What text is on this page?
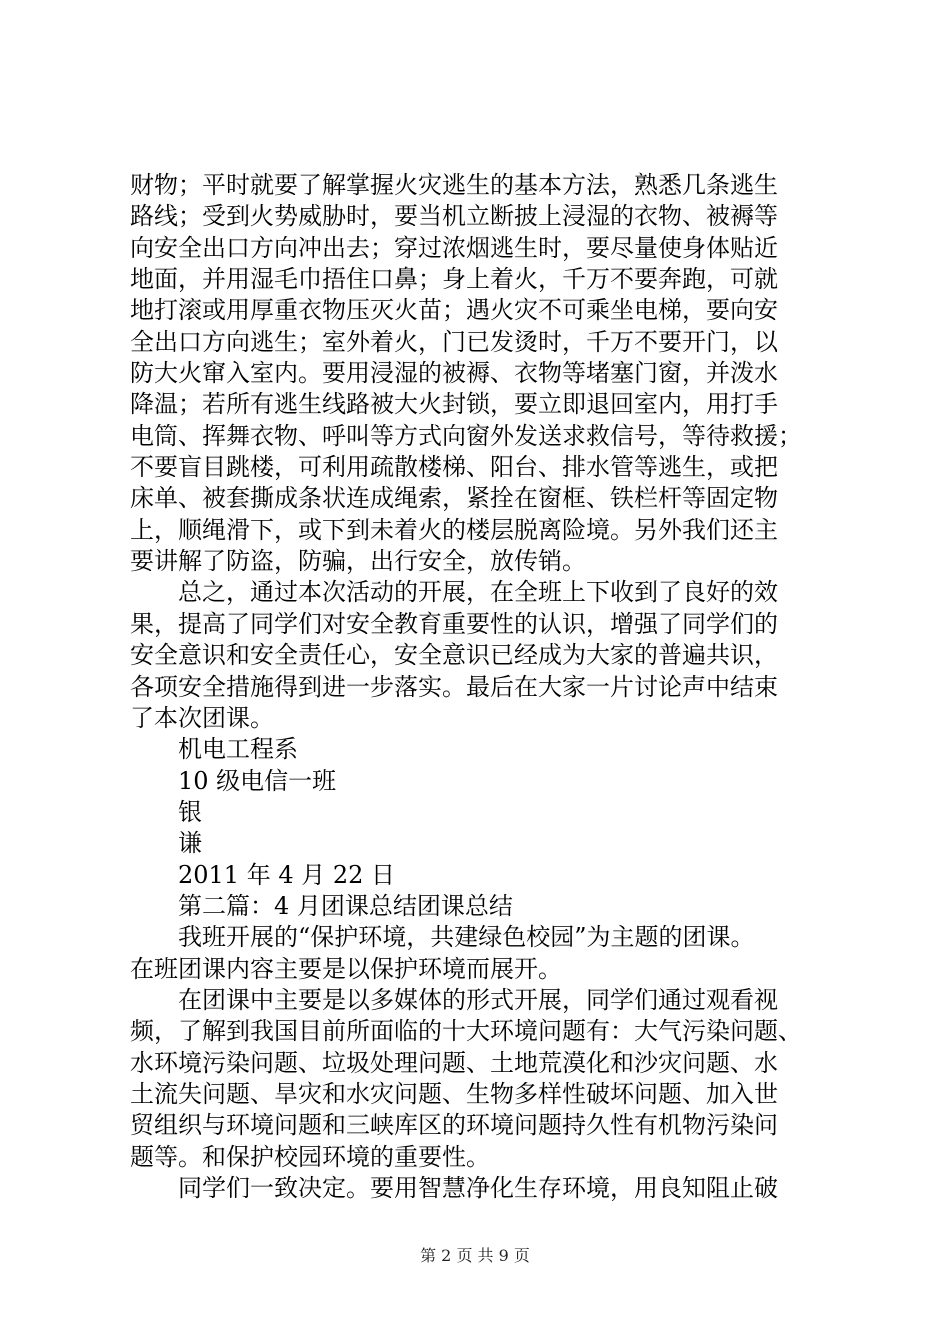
财物；平时就要了解掌握火灾逃生的基本方法，熟悉几条逃生
路线；受到火势威胁时，要当机立断披上浸湿的衣物、被褥等
向安全出口方向冲出去；穿过浓烟逃生时，要尽量使身体贴近
地面，并用湿毛巾捂住口鼻；身上着火，千万不要奔跑，可就
地打滚或用厚重衣物压灭火苗；遇火灾不可乘坐电梯，要向安
全出口方向逃生；室外着火，门已发烫时，千万不要开门，以
防大火窜入室内。要用浸湿的被褥、衣物等堵塞门窗，并泼水
降温；若所有逃生线路被大火封锁，要立即退回室内，用打手
电筒、挥舞衣物、呼叫等方式向窗外发送求救信号，等待救援；
不要盲目跳楼，可利用疏散楼梯、阳台、排水管等逃生，或把
床单、被套撕成条状连成绳索，紧拴在窗框、铁栏杆等固定物
上，顺绳滑下，或下到未着火的楼层脱离险境。另外我们还主
要讲解了防盗，防骗，出行安全，放传销。
总之，通过本次活动的开展，在全班上下收到了良好的效
果，提高了同学们对安全教育重要性的认识，增强了同学们的
安全意识和安全责任心，安全意识已经成为大家的普遍共识，
各项安全措施得到进一步落实。最后在大家一片讨论声中结束
了本次团课。
机电工程系
10 级电信一班
银
谦
2011 年 4 月 22 日
第二篇：4 月团课总结团课总结
我班开展的“保护环境，共建绿色校园”为主题的团课。
在班团课内容主要是以保护环境而展开。
在团课中主要是以多媒体的形式开展，同学们通过观看视
频，了解到我国目前所面临的十大环境问题有：大气污染问题、
水环境污染问题、垃圾处理问题、土地荒漠化和沙灾问题、水
土流失问题、旱灾和水灾问题、生物多样性破坏问题、加入世
贸组织与环境问题和三峡库区的环境问题持久性有机物污染问
题等。和保护校园环境的重要性。
同学们一致决定。要用智慧净化生存环境，用良知阻止破
第 2 页 共 9 页
